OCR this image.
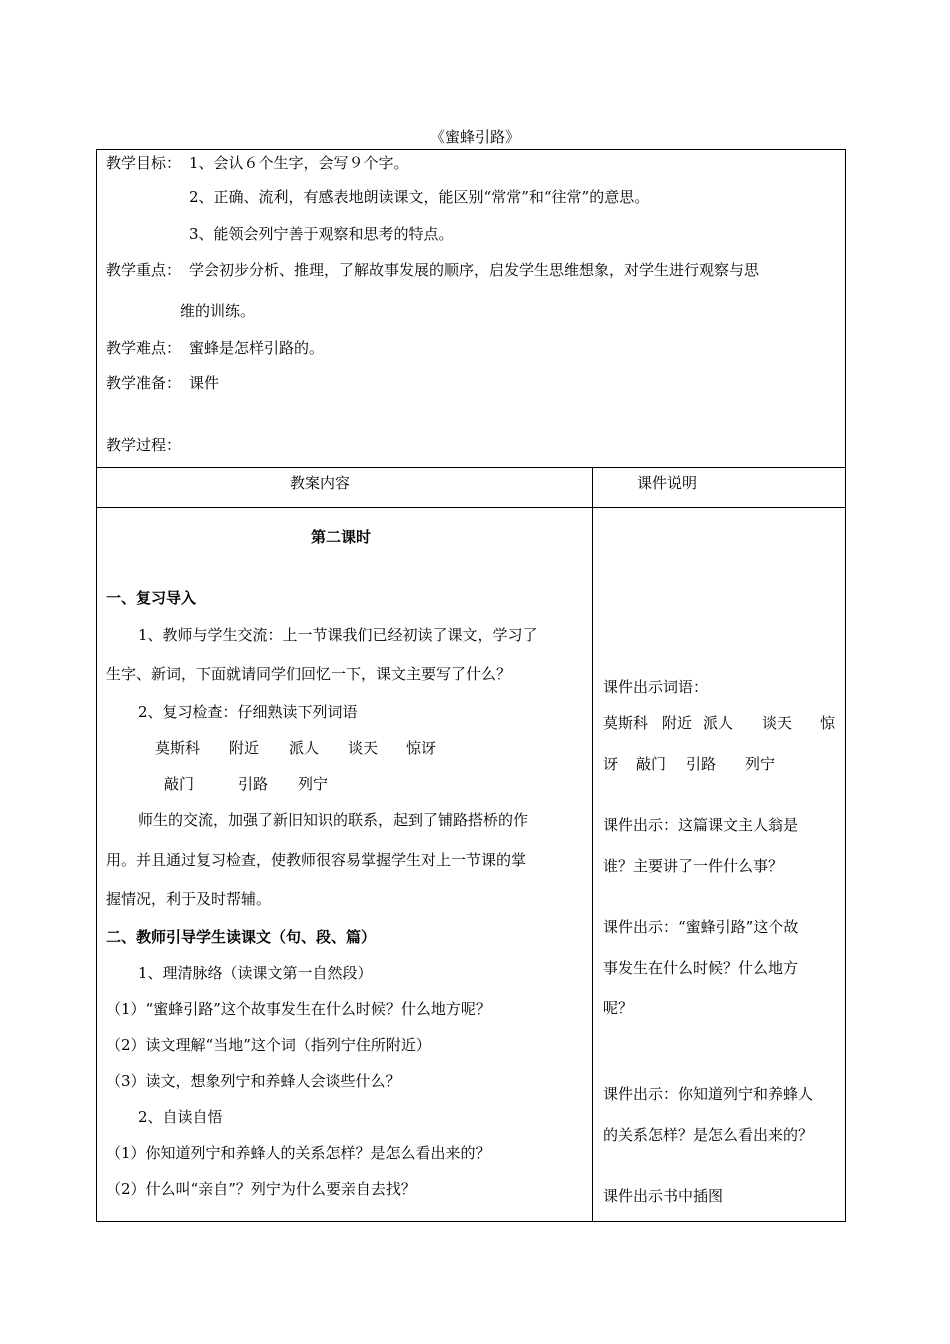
《蜜蜂引路》
教学目标： 1、会认６个生字，会写９个字。
2、正确、流利，有感表地朗读课文，能区别“常常”和“往常”的意思。
3、能领会列宁善于观察和思考的特点。
教学重点： 学会初步分析、推理，了解故事发展的顺序，启发学生思维想象，对学生进行观察与思
维的训练。
教学难点： 蜜蜂是怎样引路的。
教学准备： 课件
教学过程：
教案内容	课件说明
第二课时
一、复习导入
1、教师与学生交流：上一节课我们已经初读了课文，学习了
生字、新词，下面就请同学们回忆一下，课文主要写了什么？
2、复习检查：仔细熟读下列词语
莫斯科 附近 派人 谈天 惊讶
敲门	引路 列宁
师生的交流，加强了新旧知识的联系，起到了铺路搭桥的作
用。并且通过复习检查，使教师很容易掌握学生对上一节课的掌
握情况，利于及时帮辅。
二、教师引导学生读课文（句、段、篇）
1、理清脉络（读课文第一自然段）
（1）“蜜蜂引路”这个故事发生在什么时候？什么地方呢？
（2）读文理解“当地”这个词（指列宁住所附近）
（3）读文，想象列宁和养蜂人会谈些什么？
2、自读自悟
（1）你知道列宁和养蜂人的关系怎样？是怎么看出来的？
（2）什么叫“亲自”？列宁为什么要亲自去找？
课件出示词语：
莫斯科 附近 派人 谈天 惊
讶 敲门 引路 列宁
课件出示：这篇课文主人翁是
谁？主要讲了一件什么事？
课件出示：“蜜蜂引路”这个故
事发生在什么时候？什么地方
呢？
课件出示：你知道列宁和养蜂人
的关系怎样？是怎么看出来的？
课件出示书中插图
